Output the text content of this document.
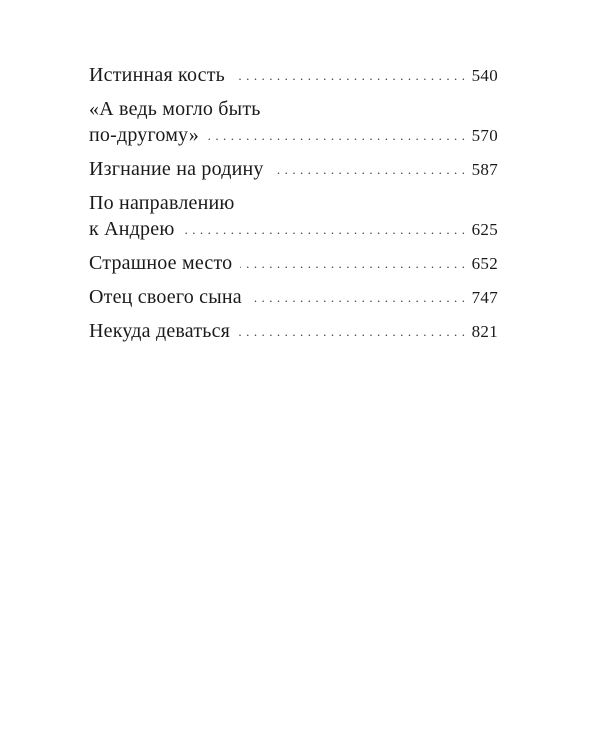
Истинная кость . . .	540
«А ведь могло быть
по-другому» . . .	570
Изгнание на родину . . .	587
По направлению
к Андрею . . .	625
Страшное место . . .	652
Отец своего сына . . .	747
Некуда деваться . . .	821
